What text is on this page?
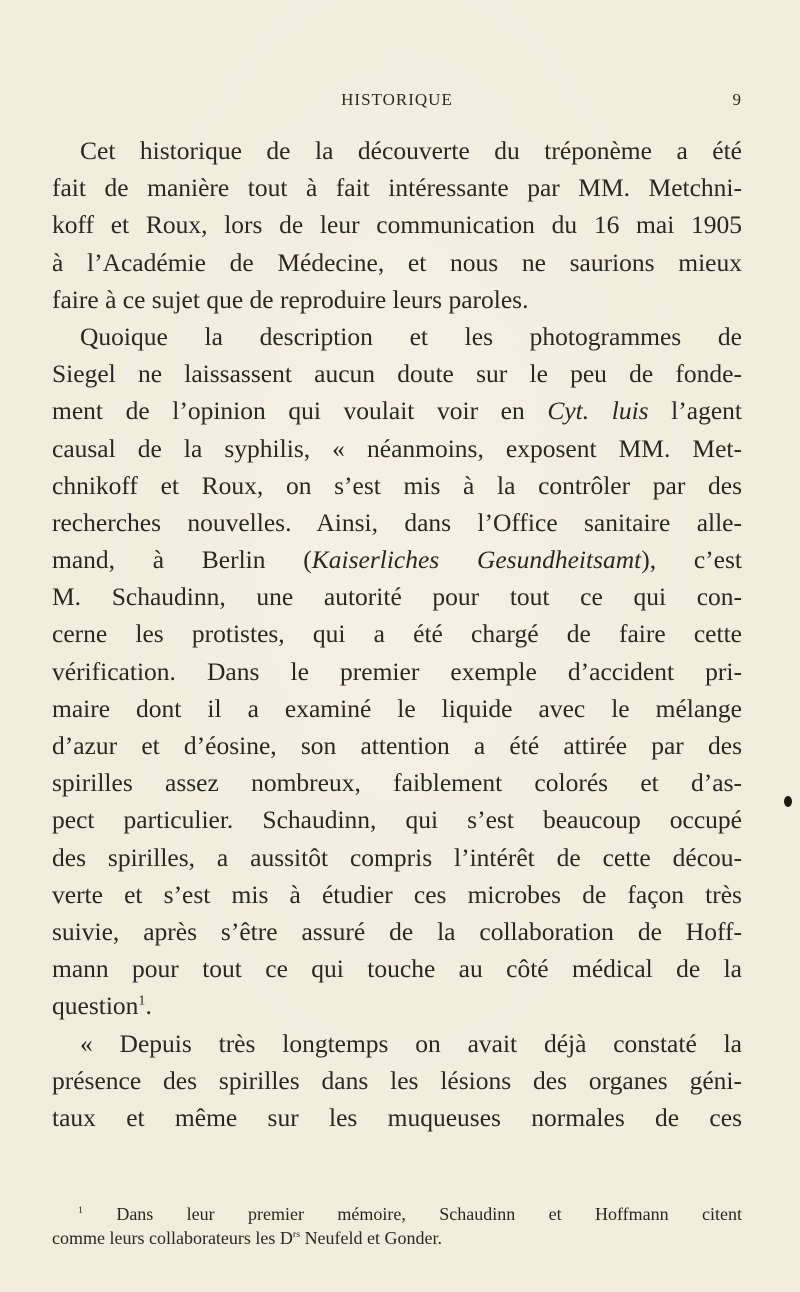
HISTORIQUE	9
Cet historique de la découverte du tréponème a été
fait de manière tout à fait intéressante par MM. Metchni-
koff et Roux, lors de leur communication du 16 mai 1905
à l’Académie de Médecine, et nous ne saurions mieux
faire à ce sujet que de reproduire leurs paroles.
Quoique la description et les photogrammes de
Siegel ne laissassent aucun doute sur le peu de fonde-
ment de l’opinion qui voulait voir en Cyt. luis l’agent
causal de la syphilis, « néanmoins, exposent MM. Met-
chnikoff et Roux, on s’est mis à la contrôler par des
recherches nouvelles. Ainsi, dans l’Office sanitaire alle-
mand, à Berlin (Kaiserliches Gesundheitsamt), c’est
M. Schaudinn, une autorité pour tout ce qui con-
cerne les protistes, qui a été chargé de faire cette
vérification. Dans le premier exemple d’accident pri-
maire dont il a examiné le liquide avec le mélange
d’azur et d’éosine, son attention a été attirée par des
spirilles assez nombreux, faiblement colorés et d’as-
pect particulier. Schaudinn, qui s’est beaucoup occupé
des spirilles, a aussitôt compris l’intérêt de cette décou-
verte et s’est mis à étudier ces microbes de façon très
suivie, après s’être assuré de la collaboration de Hoff-
mann pour tout ce qui touche au côté médical de la
question$^1$.
« Depuis très longtemps on avait déjà constaté la
présence des spirilles dans les lésions des organes géni-
taux et même sur les muqueuses normales de ces
$^1$ Dans leur premier mémoire, Schaudinn et Hoffmann citent
comme leurs collaborateurs les $D^{rs}$ Neufeld et Gonder.
